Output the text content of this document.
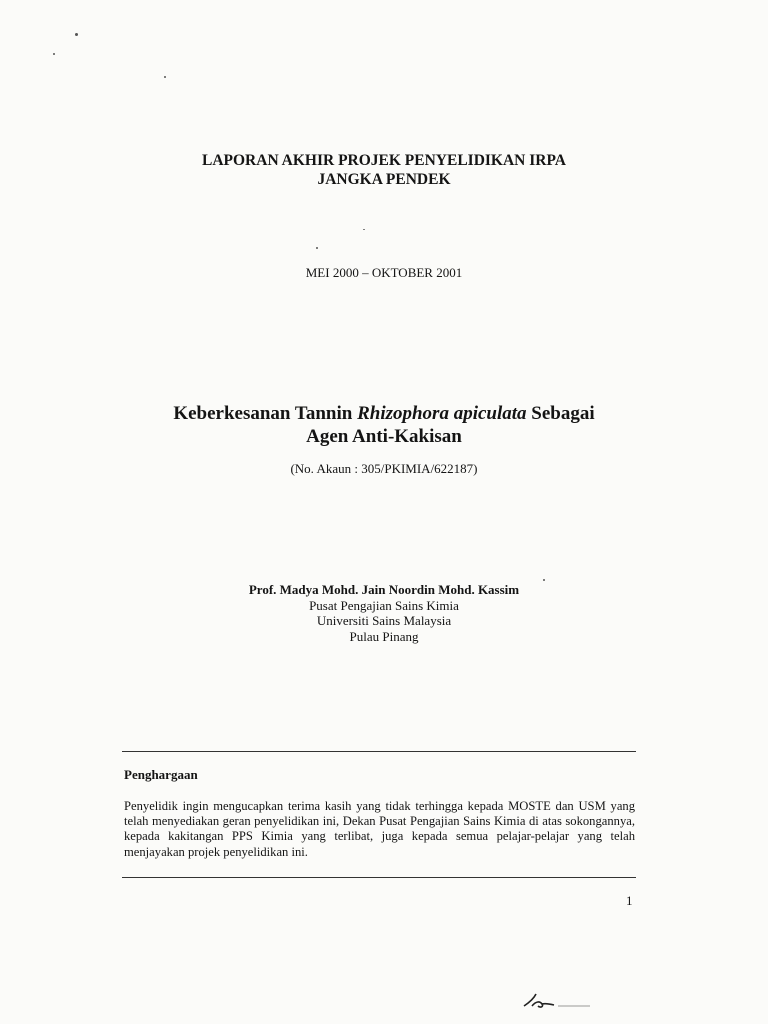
LAPORAN AKHIR PROJEK PENYELIDIKAN IRPA
JANGKA PENDEK
MEI 2000 – OKTOBER 2001
Keberkesanan Tannin Rhizophora apiculata Sebagai
Agen Anti-Kakisan
(No. Akaun : 305/PKIMIA/622187)
Prof. Madya Mohd. Jain Noordin Mohd. Kassim
Pusat Pengajian Sains Kimia
Universiti Sains Malaysia
Pulau Pinang
Penghargaan
Penyelidik ingin mengucapkan terima kasih yang tidak terhingga kepada MOSTE dan USM yang telah menyediakan geran penyelidikan ini, Dekan Pusat Pengajian Sains Kimia di atas sokongannya, kepada kakitangan PPS Kimia yang terlibat, juga kepada semua pelajar-pelajar yang telah menjayakan projek penyelidikan ini.
1
